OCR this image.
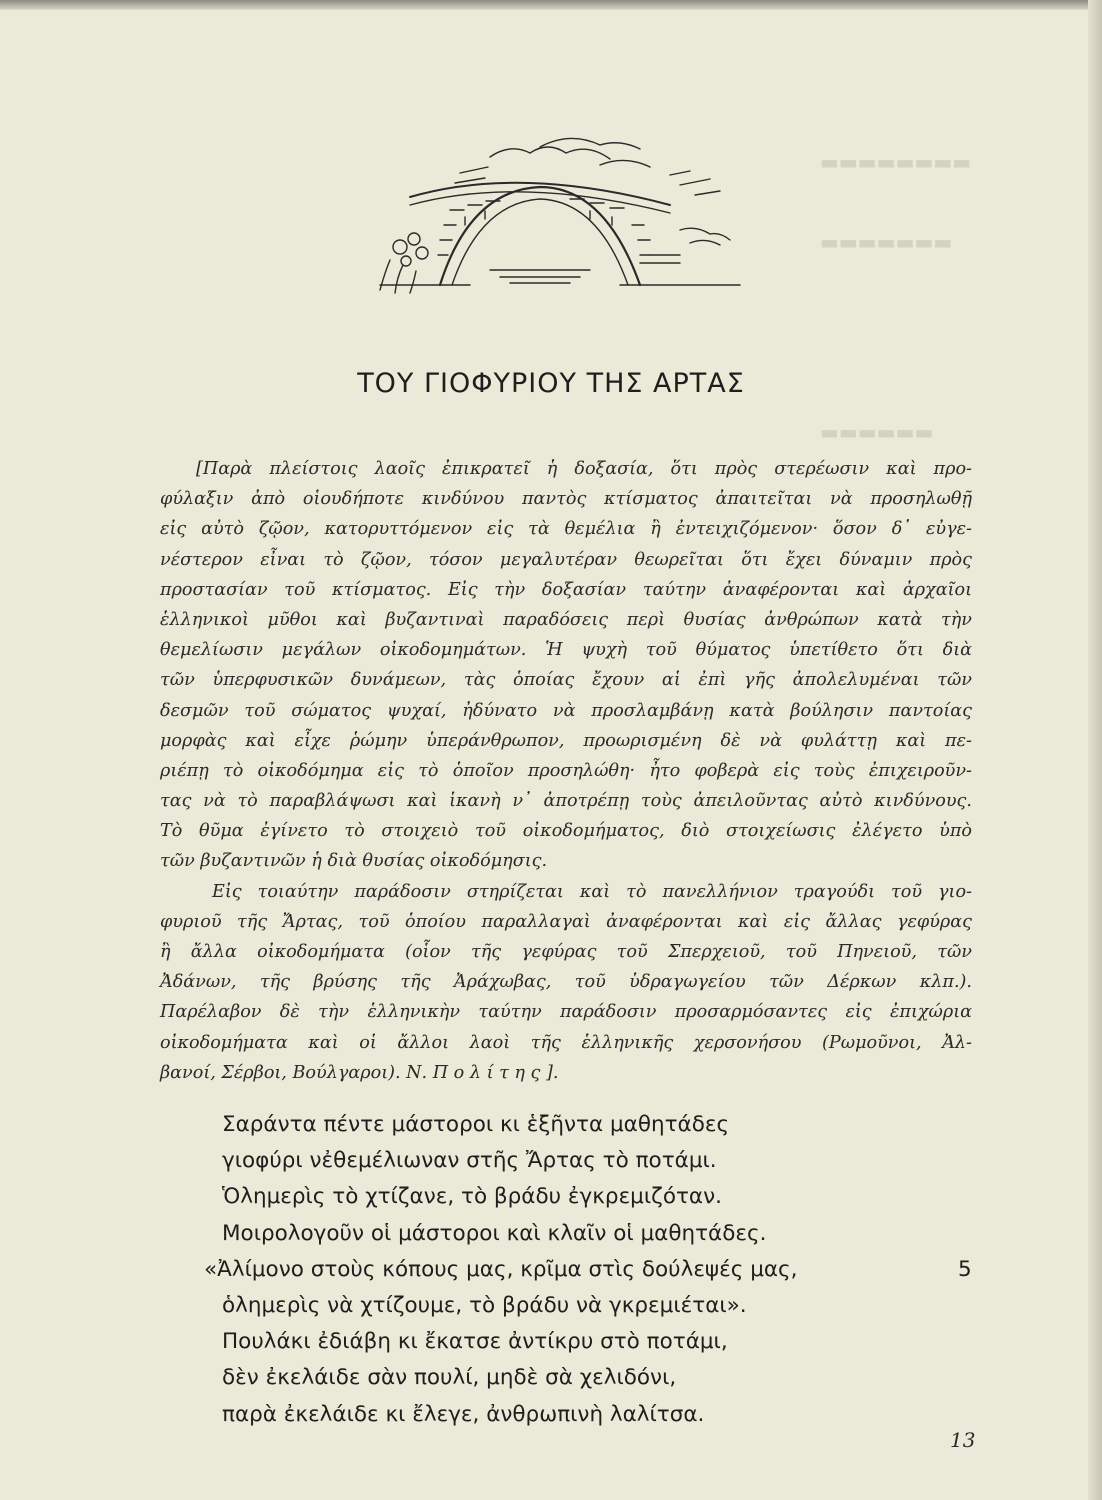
▬▬▬▬▬▬▬▬
▬▬▬▬▬▬▬
▬▬▬▬▬▬
ΤΟΥ ΓΙΟΦΥΡΙΟΥ ΤΗΣ ΑΡΤΑΣ
[Παρὰ πλείστοις λαοῖς ἐπικρατεῖ ἡ δοξασία, ὅτι πρὸς στερέωσιν καὶ προ-
φύλαξιν ἀπὸ οἱουδήποτε κινδύνου παντὸς κτίσματος ἀπαιτεῖται νὰ προσηλωθῇ
εἰς αὐτὸ ζῷον, κατορυττόμενον εἰς τὰ θεμέλια ἢ ἐντειχιζόμενον· ὅσον δ᾽ εὐγε-
νέστερον εἶναι τὸ ζῷον, τόσον μεγαλυτέραν θεωρεῖται ὅτι ἔχει δύναμιν πρὸς
προστασίαν τοῦ κτίσματος. Εἰς τὴν δοξασίαν ταύτην ἀναφέρονται καὶ ἀρχαῖοι
ἑλληνικοὶ μῦθοι καὶ βυζαντιναὶ παραδόσεις περὶ θυσίας ἀνθρώπων κατὰ τὴν
θεμελίωσιν μεγάλων οἰκοδομημάτων. Ἡ ψυχὴ τοῦ θύματος ὑπετίθετο ὅτι διὰ
τῶν ὑπερφυσικῶν δυνάμεων, τὰς ὁποίας ἔχουν αἱ ἐπὶ γῆς ἀπολελυμέναι τῶν
δεσμῶν τοῦ σώματος ψυχαί, ἠδύνατο νὰ προσλαμβάνῃ κατὰ βούλησιν παντοίας
μορφὰς καὶ εἶχε ῥώμην ὑπεράνθρωπον, προωρισμένη δὲ νὰ φυλάττῃ καὶ πε-
ριέπῃ τὸ οἰκοδόμημα εἰς τὸ ὁποῖον προσηλώθη· ἦτο φοβερὰ εἰς τοὺς ἐπιχειροῦν-
τας νὰ τὸ παραβλάψωσι καὶ ἱκανὴ ν᾽ ἀποτρέπῃ τοὺς ἀπειλοῦντας αὐτὸ κινδύνους.
Τὸ θῦμα ἐγίνετο τὸ στοιχειὸ τοῦ οἰκοδομήματος, διὸ στοιχείωσις ἐλέγετο ὑπὸ
τῶν βυζαντινῶν ἡ διὰ θυσίας οἰκοδόμησις.
Εἰς τοιαύτην παράδοσιν στηρίζεται καὶ τὸ πανελλήνιον τραγούδι τοῦ γιο-
φυριοῦ τῆς Ἄρτας, τοῦ ὁποίου παραλλαγαὶ ἀναφέρονται καὶ εἰς ἄλλας γεφύρας
ἢ ἄλλα οἰκοδομήματα (οἷον τῆς γεφύρας τοῦ Σπερχειοῦ, τοῦ Πηνειοῦ, τῶν
Ἀδάνων, τῆς βρύσης τῆς Ἀράχωβας, τοῦ ὑδραγωγείου τῶν Δέρκων κλπ.).
Παρέλαβον δὲ τὴν ἑλληνικὴν ταύτην παράδοσιν προσαρμόσαντες εἰς ἐπιχώρια
οἰκοδομήματα καὶ οἱ ἄλλοι λαοὶ τῆς ἑλληνικῆς χερσονήσου (Ρωμοῦνοι, Ἀλ-
βανοί, Σέρβοι, Βούλγαροι). Ν. Π ο λ ί τ η ς ].
Σαράντα πέντε μάστοροι κι ἑξῆντα μαθητάδες
γιοφύρι νἐθεμέλιωναν στῆς Ἄρτας τὸ ποτάμι.
Ὁλημερὶς τὸ χτίζανε, τὸ βράδυ ἐγκρεμιζόταν.
Μοιρολογοῦν οἱ μάστοροι καὶ κλαῖν οἱ μαθητάδες.
«Ἀλίμονο στοὺς κόπους μας, κρῖμα στὶς δούλεψές μας,	5
ὁλημερὶς νὰ χτίζουμε, τὸ βράδυ νὰ γκρεμιέται».
Πουλάκι ἐδιάβη κι ἔκατσε ἀντίκρυ στὸ ποτάμι,
δὲν ἐκελάιδε σὰν πουλί, μηδὲ σὰ χελιδόνι,
παρὰ ἐκελάιδε κι ἔλεγε, ἀνθρωπινὴ λαλίτσα.
13
